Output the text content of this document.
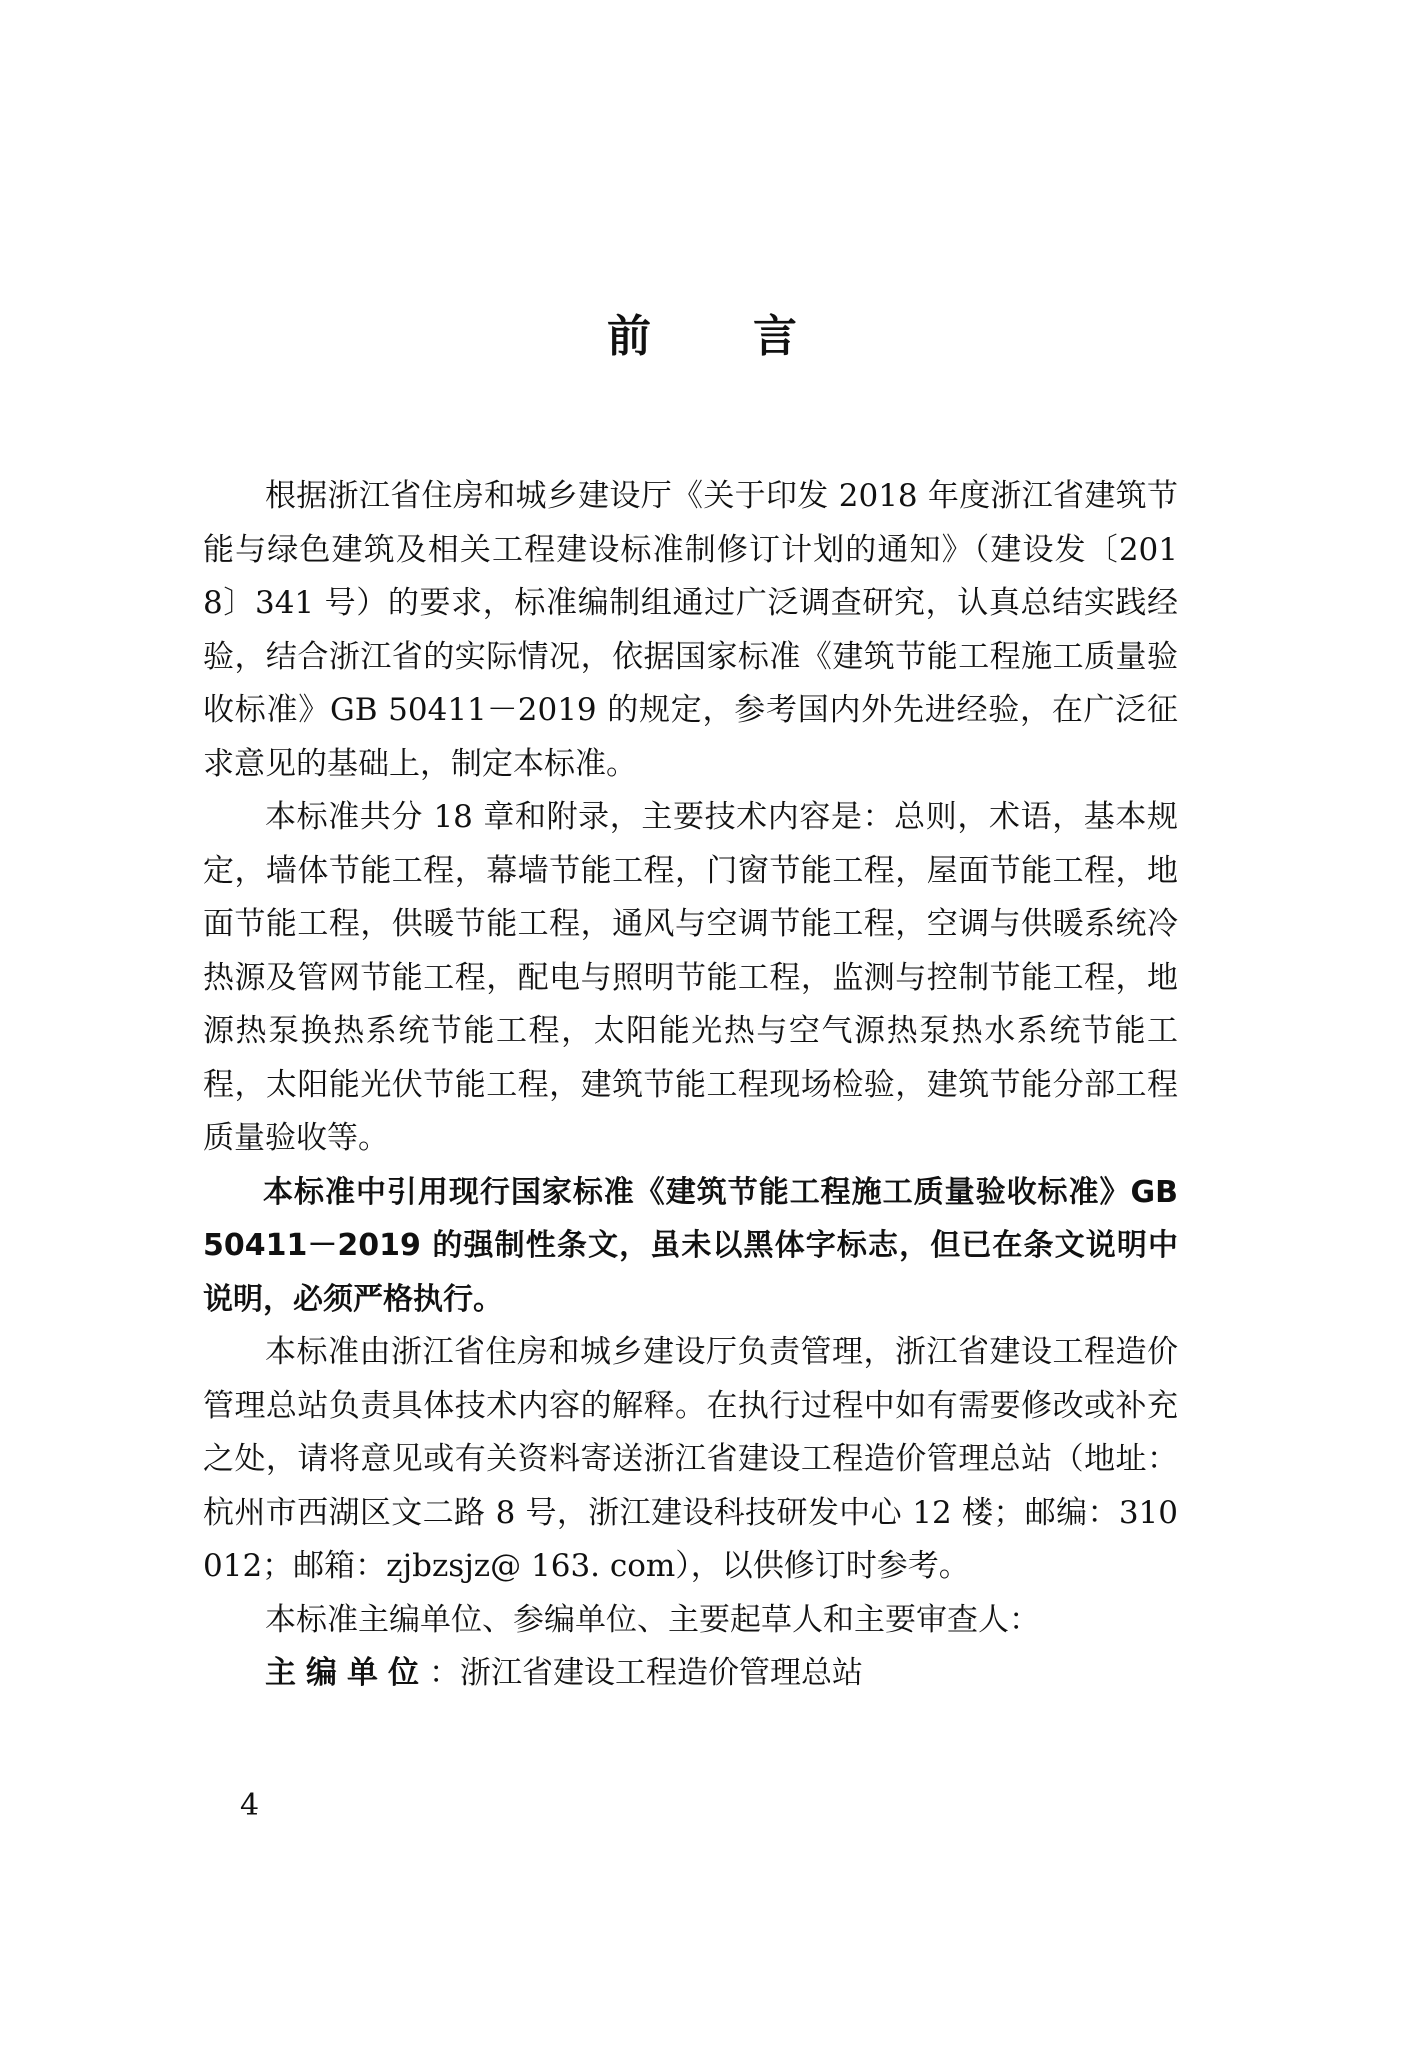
前 言

根据浙江省住房和城乡建设厅《关于印发 2018 年度浙江省建筑节能与绿色建筑及相关工程建设标准制修订计划的通知》（建设发〔2018〕341 号）的要求，标准编制组通过广泛调查研究，认真总结实践经验，结合浙江省的实际情况，依据国家标准《建筑节能工程施工质量验收标准》GB 50411－2019 的规定，参考国内外先进经验，在广泛征求意见的基础上，制定本标准。

本标准共分 18 章和附录，主要技术内容是：总则，术语，基本规定，墙体节能工程，幕墙节能工程，门窗节能工程，屋面节能工程，地面节能工程，供暖节能工程，通风与空调节能工程，空调与供暖系统冷热源及管网节能工程，配电与照明节能工程，监测与控制节能工程，地源热泵换热系统节能工程，太阳能光热与空气源热泵热水系统节能工程，太阳能光伏节能工程，建筑节能工程现场检验，建筑节能分部工程质量验收等。

本标准中引用现行国家标准《建筑节能工程施工质量验收标准》GB 50411－2019 的强制性条文，虽未以黑体字标志，但已在条文说明中说明，必须严格执行。

本标准由浙江省住房和城乡建设厅负责管理，浙江省建设工程造价管理总站负责具体技术内容的解释。在执行过程中如有需要修改或补充之处，请将意见或有关资料寄送浙江省建设工程造价管理总站（地址：杭州市西湖区文二路 8 号，浙江建设科技研发中心 12 楼；邮编：310012；邮箱：zjbzsjz@ 163. com），以供修订时参考。

本标准主编单位、参编单位、主要起草人和主要审查人：

主编单位：浙江省建设工程造价管理总站

4
